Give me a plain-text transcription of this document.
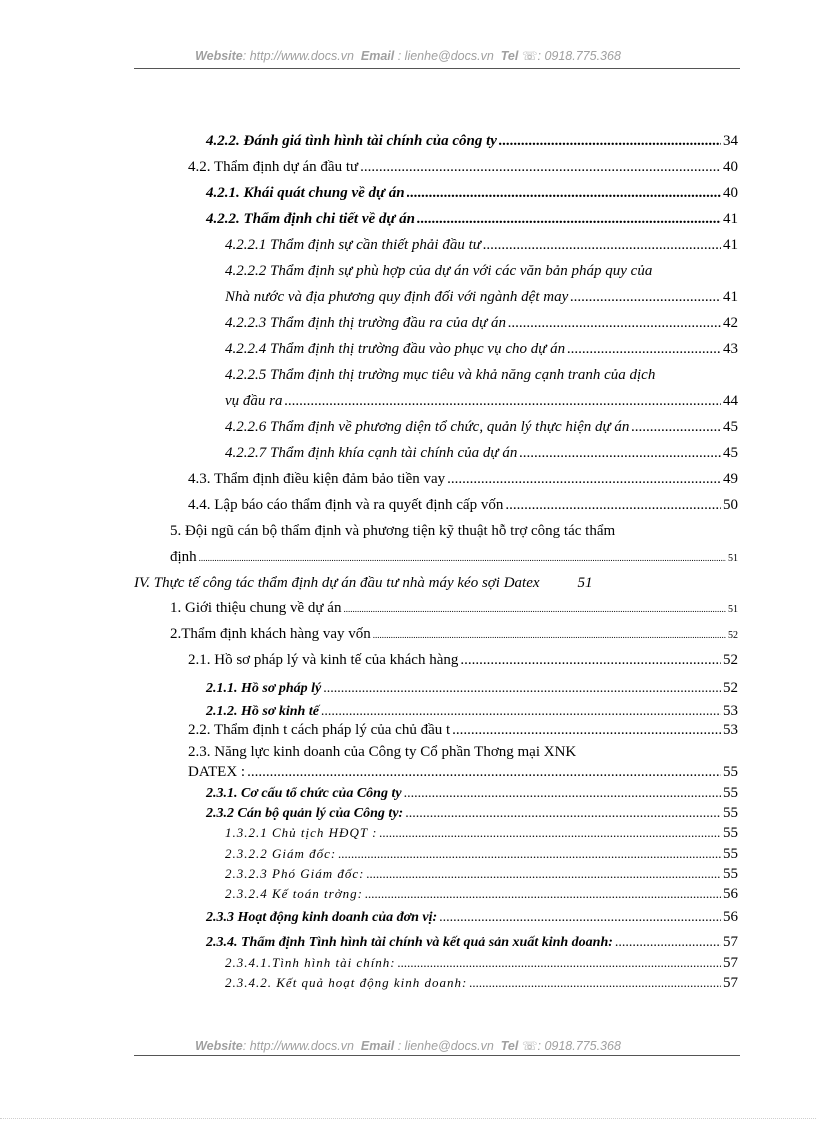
Website: http://www.docs.vn Email : lienhe@docs.vn Tel ☏: 0918.775.368
4.2.2. Đánh giá tình hình tài chính của công ty .....	34
4.2. Thẩm định dự án đầu tư .....	40
4.2.1. Khái quát chung về dự án .....	40
4.2.2. Thẩm định chi tiết về dự án .....	41
4.2.2.1 Thẩm định sự cần thiết phải đầu tư .....	41
4.2.2.2 Thẩm định sự phù hợp của dự án với các văn bản pháp quy của
Nhà nước và địa phương quy định đối với ngành dệt may .....	41
4.2.2.3 Thẩm định thị trường đầu ra của dự án .....	42
4.2.2.4 Thẩm định thị trường đầu vào phục vụ cho dự án .....	43
4.2.2.5 Thẩm định thị trường mục tiêu và khả năng cạnh tranh của dịch
vụ đầu ra .....	44
4.2.2.6 Thẩm định về phương diện tổ chức, quản lý thực hiện dự án .....	45
4.2.2.7 Thẩm định khía cạnh tài chính của dự án .....	45
4.3. Thẩm định điều kiện đảm bảo tiền vay .....	49
4.4. Lập báo cáo thẩm định và ra quyết định cấp vốn .....	50
5. Đội ngũ cán bộ thẩm định và phương tiện kỹ thuật hỗ trợ công tác thẩm
định .....	51
IV. Thực tế công tác thẩm định dự án đầu tư nhà máy kéo sợi Datex	51
1. Giới thiệu chung về dự án .....	51
2.Thẩm định khách hàng vay vốn .....	52
2.1. Hồ sơ pháp lý và kinh tế của khách hàng .....	52
2.1.1. Hồ sơ pháp lý .....	52
2.1.2. Hồ sơ kinh tế .....	53
2.2. Thẩm định t cách pháp lý của chủ đầu t .....	53
2.3. Năng lực kinh doanh của Công ty Cổ phần Thơng mại XNK
DATEX : .....	55
2.3.1. Cơ cấu tổ chức của Công ty .....	55
2.3.2 Cán bộ quản lý của Công ty: .....	55
1.3.2.1 Chủ tịch HĐQT : .....	55
2.3.2.2 Giám đốc: .....	55
2.3.2.3 Phó Giám đốc: .....	55
2.3.2.4 Kế toán trởng: .....	56
2.3.3 Hoạt động kinh doanh của đơn vị: .....	56
2.3.4. Thẩm định Tình hình tài chính và kết quả sản xuất kinh doanh: .....	57
2.3.4.1.Tình hình tài chính: .....	57
2.3.4.2. Kết quả hoạt động kinh doanh: .....	57
Website: http://www.docs.vn Email : lienhe@docs.vn Tel ☏: 0918.775.368
